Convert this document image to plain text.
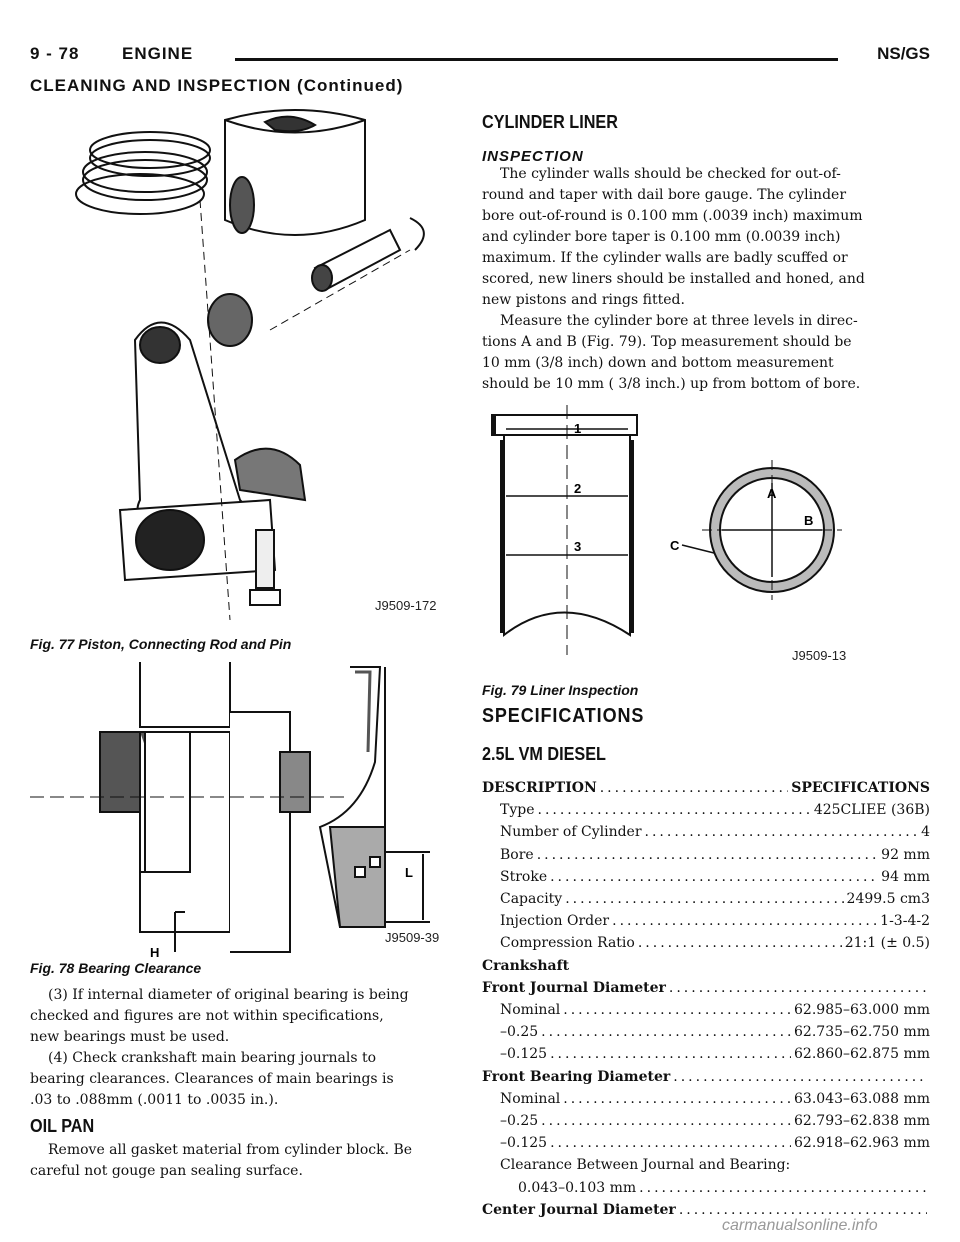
9 - 78	ENGINE	NS/GS
CLEANING AND INSPECTION (Continued)
J9509-172
Fig. 77 Piston, Connecting Rod and Pin
L
H
J9509-39
Fig. 78 Bearing Clearance
(3) If internal diameter of original bearing is being
checked and figures are not within specifications,
new bearings must be used.
(4) Check crankshaft main bearing journals to
bearing clearances. Clearances of main bearings is
.03 to .088mm (.0011 to .0035 in.).
OIL PAN
Remove all gasket material from cylinder block. Be
careful not gouge pan sealing surface.
CYLINDER LINER
INSPECTION
The cylinder walls should be checked for out-of-
round and taper with dail bore gauge. The cylinder
bore out-of-round is 0.100 mm (.0039 inch) maximum
and cylinder bore taper is 0.100 mm (0.0039 inch)
maximum. If the cylinder walls are badly scuffed or
scored, new liners should be installed and honed, and
new pistons and rings fitted.
Measure the cylinder bore at three levels in direc-
tions A and B (Fig. 79). Top measurement should be
10 mm (3/8 inch) down and bottom measurement
should be 10 mm ( 3/8 inch.) up from bottom of bore.
1
2
3
A
B
C
J9509-13
Fig. 79 Liner Inspection
SPECIFICATIONS
2.5L VM DIESEL
DESCRIPTION .....	SPECIFICATIONS
Type .....	425CLIEE (36B)
Number of Cylinder .....	4
Bore .....	92 mm
Stroke .....	94 mm
Capacity .....	2499.5 cm3
Injection Order .....	1-3-4-2
Compression Ratio .....	21:1 (± 0.5)
Crankshaft
Front Journal Diameter
.....
Nominal .....	62.985–63.000 mm
–0.25 .....	62.735–62.750 mm
–0.125 .....	62.860–62.875 mm
Front Bearing Diameter
.....
Nominal .....	63.043–63.088 mm
–0.25 .....	62.793–62.838 mm
–0.125 .....	62.918–62.963 mm
Clearance Between Journal and Bearing:
0.043–0.103 mm
.....
Center Journal Diameter
.....
carmanualsonline.info
